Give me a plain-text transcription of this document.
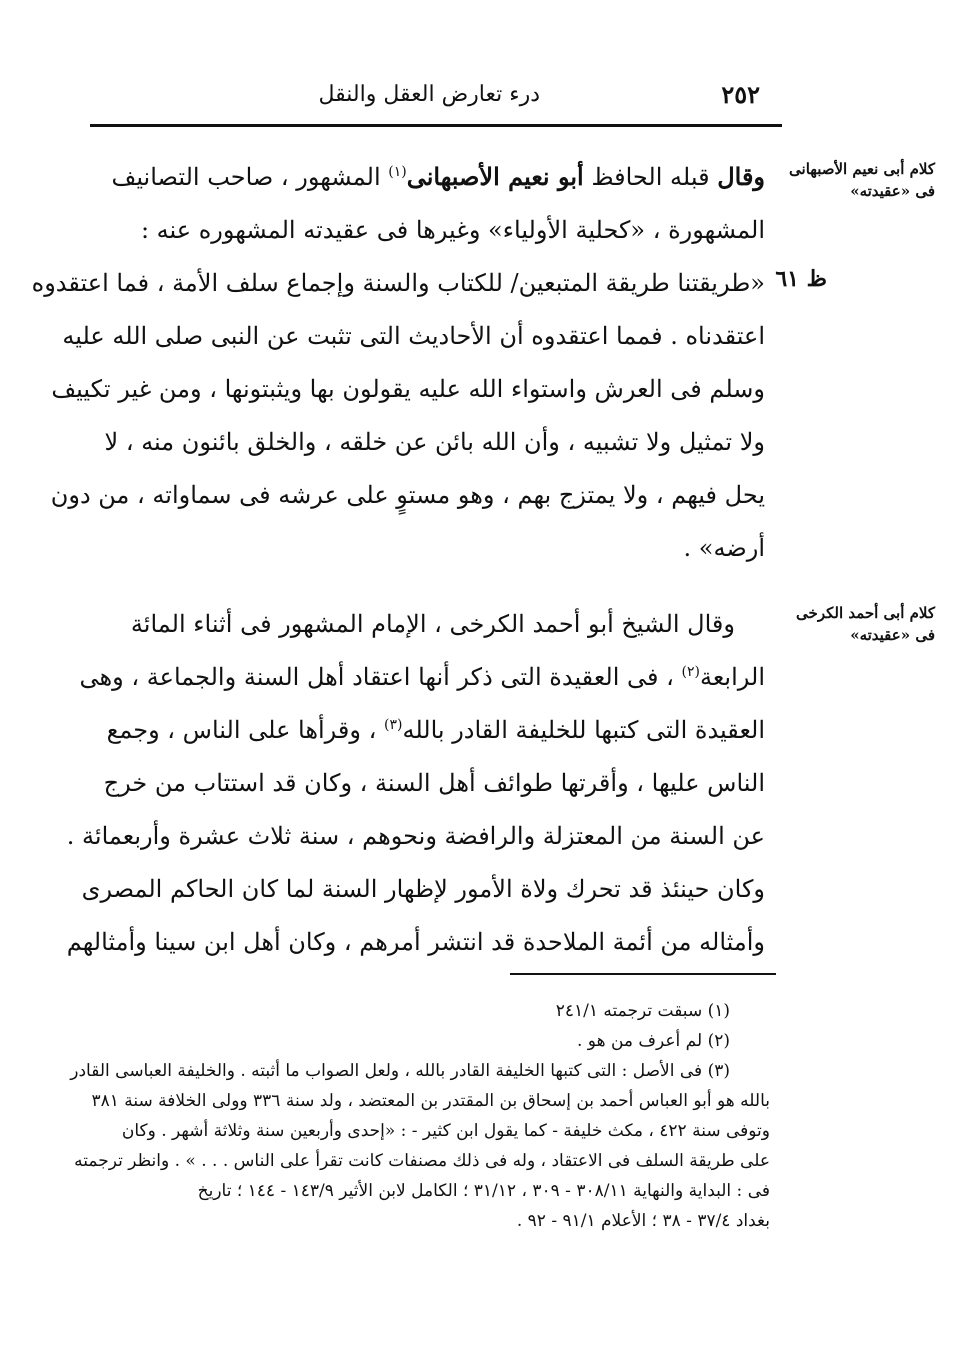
٢٥٢
درء تعارض العقل والنقل
كلام أبى نعيم الأصبهانى فى «عقيدته»
ظ ٦١
وقال قبله الحافظ أبو نعيم الأصبهانى$^{(١)}$ المشهور ، صاحب التصانيف
المشهورة ، «كحلية الأولياء» وغيرها فى عقيدته المشهوره عنه :
«طريقتنا طريقة المتبعين/ للكتاب والسنة وإجماع سلف الأمة ، فما اعتقدوه
اعتقدناه . فمما اعتقدوه أن الأحاديث التى تثبت عن النبى صلى الله عليه
وسلم فى العرش واستواء الله عليه يقولون بها ويثبتونها ، ومن غير تكييف
ولا تمثيل ولا تشبيه ، وأن الله بائن عن خلقه ، والخلق بائنون منه ، لا
يحل فيهم ، ولا يمتزج بهم ، وهو مستوٍ على عرشه فى سماواته ، من دون
أرضه» .
كلام أبى أحمد الكرخى فى «عقيدته»
وقال الشيخ أبو أحمد الكرخى ، الإمام المشهور فى أثناء المائة
الرابعة$^{(٢)}$ ، فى العقيدة التى ذكر أنها اعتقاد أهل السنة والجماعة ، وهى
العقيدة التى كتبها للخليفة القادر بالله$^{(٣)}$ ، وقرأها على الناس ، وجمع
الناس عليها ، وأقرتها طوائف أهل السنة ، وكان قد استتاب من خرج
عن السنة من المعتزلة والرافضة ونحوهم ، سنة ثلاث عشرة وأربعمائة .
وكان حينئذ قد تحرك ولاة الأمور لإظهار السنة لما كان الحاكم المصرى
وأمثاله من أئمة الملاحدة قد انتشر أمرهم ، وكان أهل ابن سينا وأمثالهم
(١) سبقت ترجمته ٢٤١/١
(٢) لم أعرف من هو .
(٣) فى الأصل : التى كتبها الخليفة القادر بالله ، ولعل الصواب ما أثبته . والخليفة العباسى القادر
بالله هو أبو العباس أحمد بن إسحاق بن المقتدر بن المعتضد ، ولد سنة ٣٣٦ وولى الخلافة سنة ٣٨١
وتوفى سنة ٤٢٢ ، مكث خليفة - كما يقول ابن كثير - : «إحدى وأربعين سنة وثلاثة أشهر . وكان
على طريقة السلف فى الاعتقاد ، وله فى ذلك مصنفات كانت تقرأ على الناس . . . » . وانظر ترجمته
فى : البداية والنهاية ٣٠٨/١١ - ٣٠٩ ، ٣١/١٢ ؛ الكامل لابن الأثير ١٤٣/٩ - ١٤٤ ؛ تاريخ
بغداد ٣٧/٤ - ٣٨ ؛ الأعلام ٩١/١ - ٩٢ .
